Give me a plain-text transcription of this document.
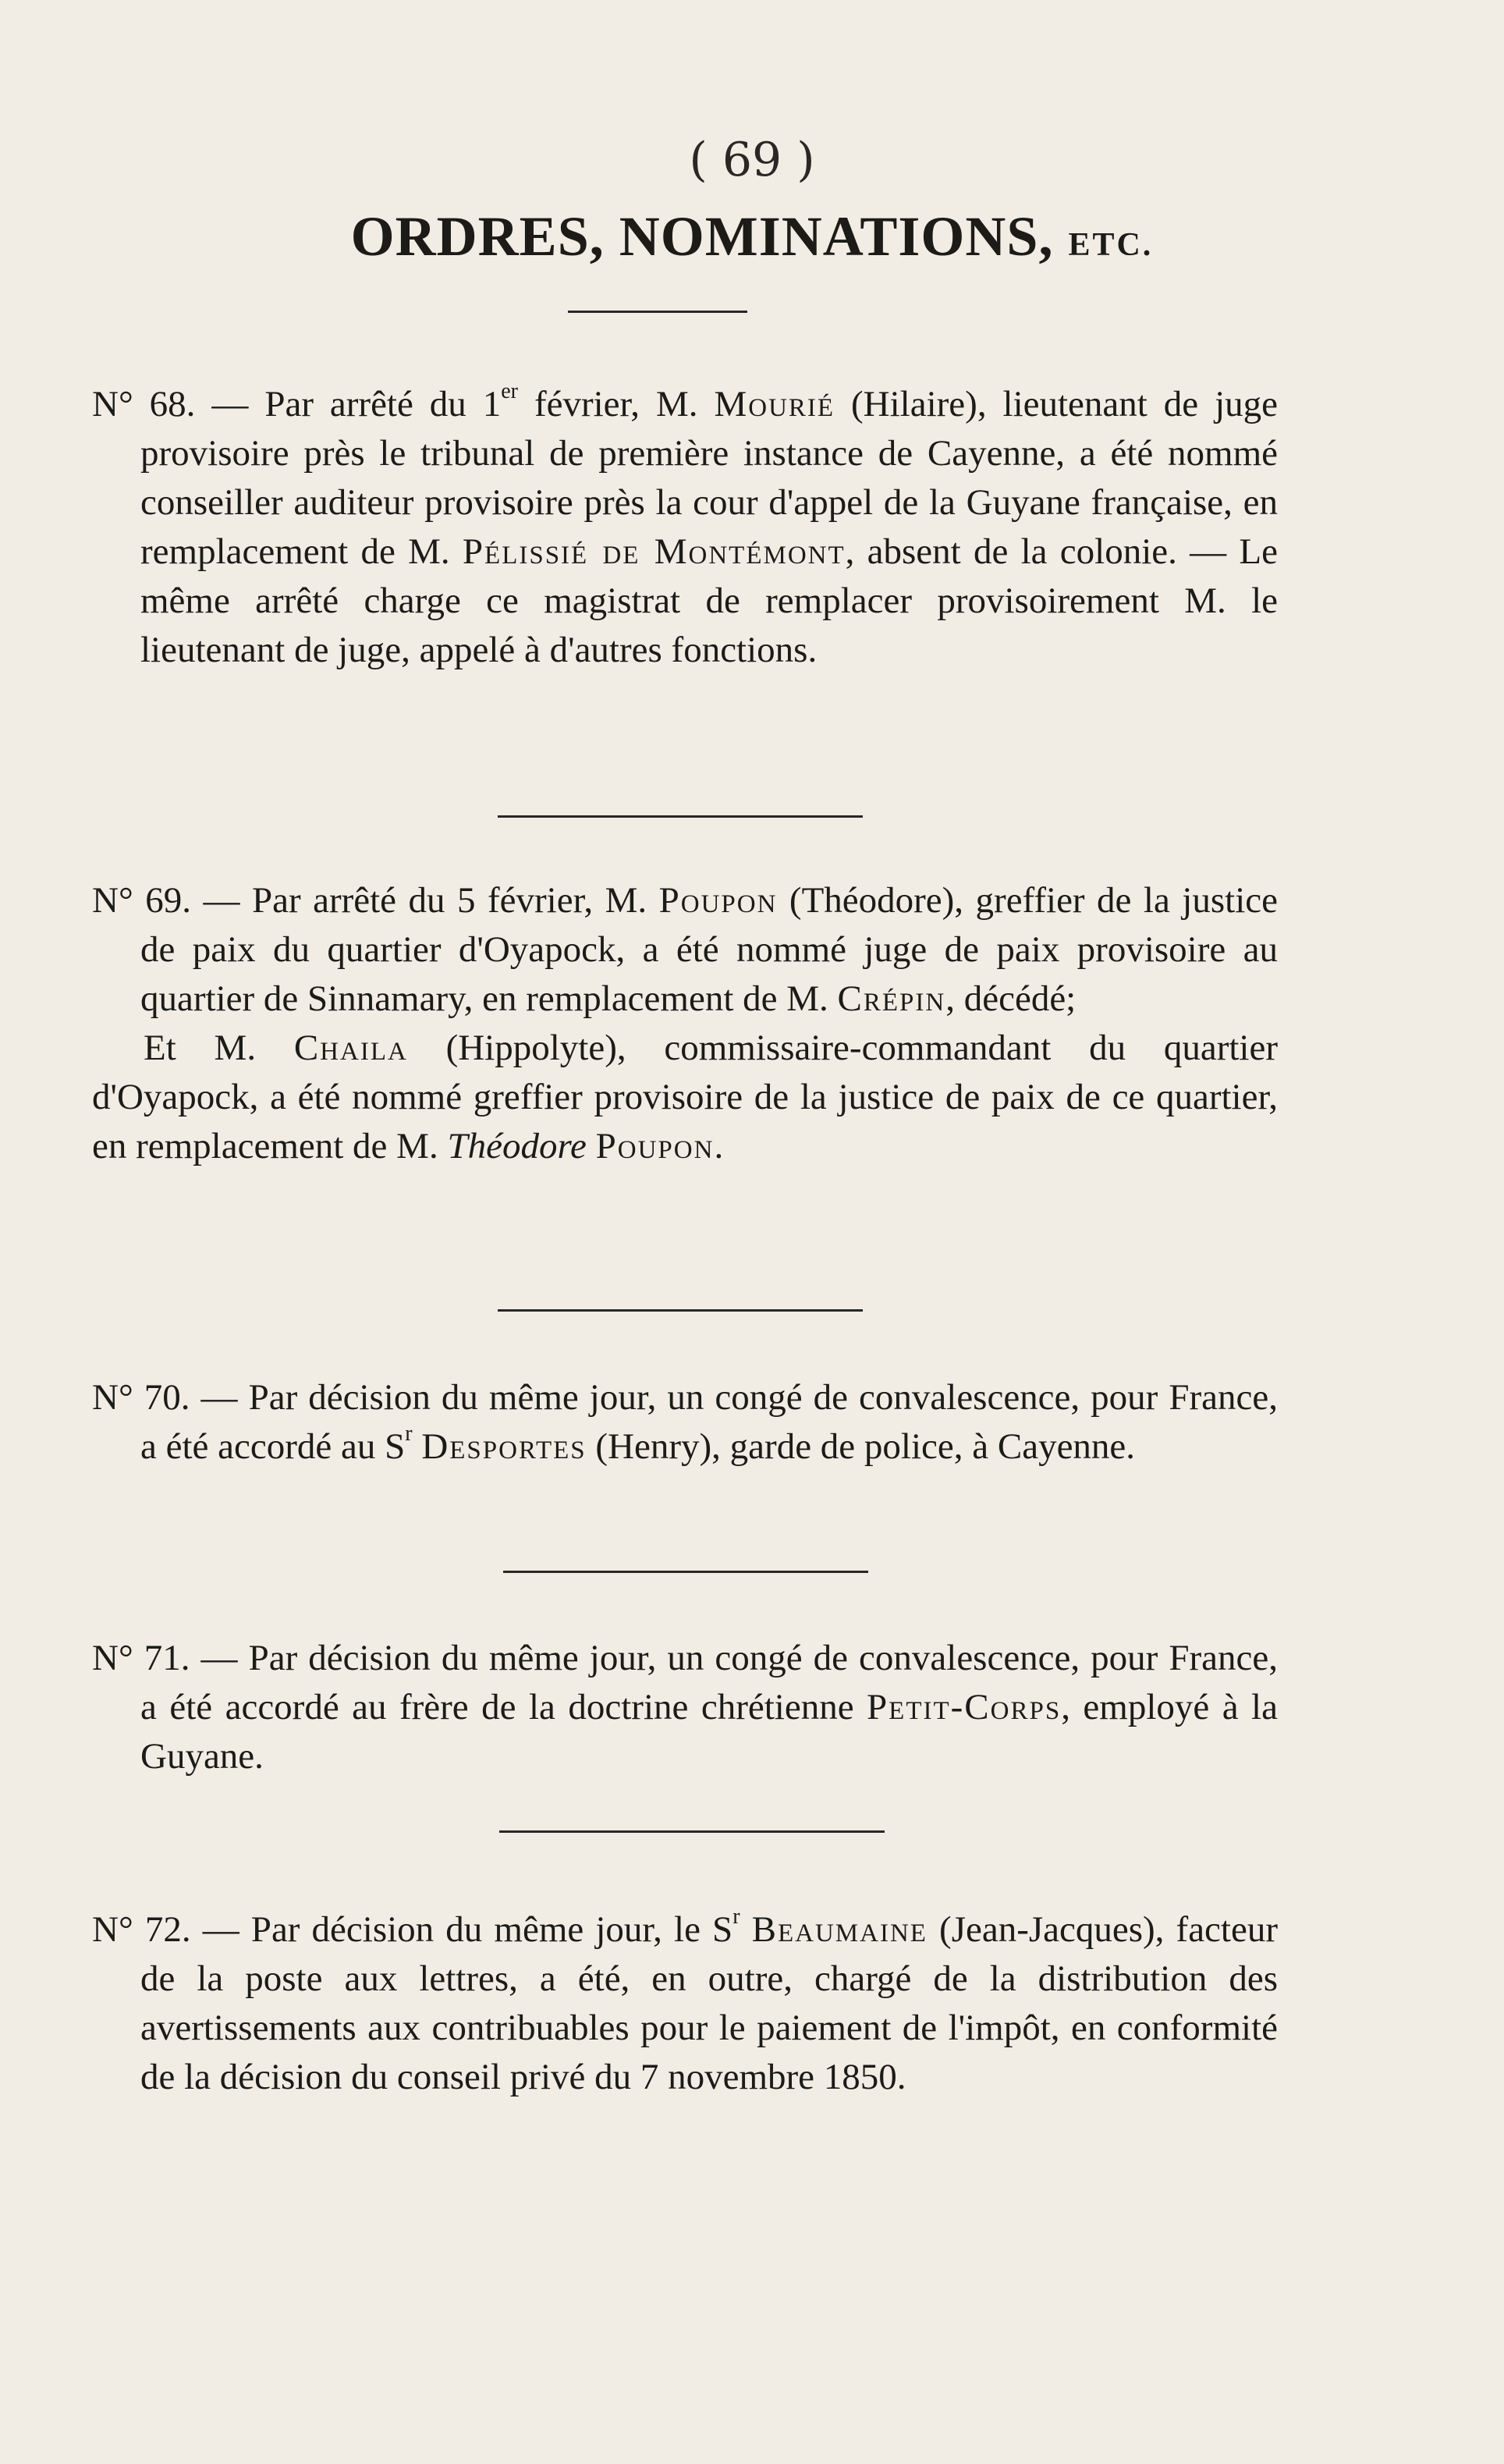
( 69 )
ORDRES, NOMINATIONS, ETC.

N° 68. — Par arrêté du 1er février, M. Mourié (Hilaire), lieutenant de juge provisoire près le tribunal de première instance de Cayenne, a été nommé conseiller auditeur provisoire près la cour d'appel de la Guyane française, en remplacement de M. Pélissié de Montémont, absent de la colonie. — Le même arrêté charge ce magistrat de remplacer provisoirement M. le lieutenant de juge, appelé à d'autres fonctions.

N° 69. — Par arrêté du 5 février, M. Poupon (Théodore), greffier de la justice de paix du quartier d'Oyapock, a été nommé juge de paix provisoire au quartier de Sinnamary, en remplacement de M. Crépin, décédé;

Et M. Chaila (Hippolyte), commissaire-commandant du quartier d'Oyapock, a été nommé greffier provisoire de la justice de paix de ce quartier, en remplacement de M. Théodore Poupon.

N° 70. — Par décision du même jour, un congé de convalescence, pour France, a été accordé au $S^r$ Desportes (Henry), garde de police, à Cayenne.

N° 71. — Par décision du même jour, un congé de convalescence, pour France, a été accordé au frère de la doctrine chrétienne Petit-Corps, employé à la Guyane.

N° 72. — Par décision du même jour, le $S^r$ Beaumaine (Jean-Jacques), facteur de la poste aux lettres, a été, en outre, chargé de la distribution des avertissements aux contribuables pour le paiement de l'impôt, en conformité de la décision du conseil privé du 7 novembre 1850.
